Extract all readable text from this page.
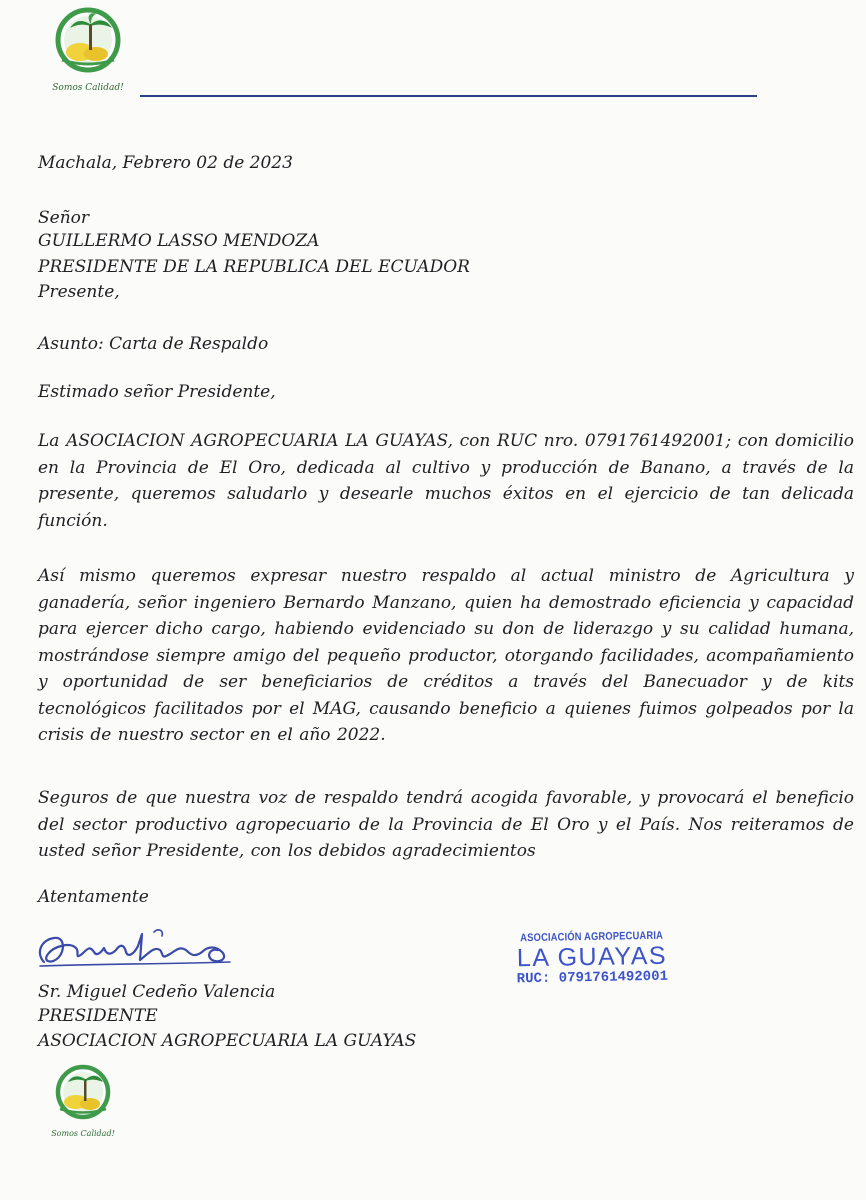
Somos Calidad!
Machala, Febrero 02 de 2023
Señor
GUILLERMO LASSO MENDOZA
PRESIDENTE DE LA REPUBLICA DEL ECUADOR
Presente,
Asunto: Carta de Respaldo
Estimado señor Presidente,
La ASOCIACION AGROPECUARIA LA GUAYAS, con RUC nro. 0791761492001; con domicilio en la Provincia de El Oro, dedicada al cultivo y producción de Banano, a través de la presente, queremos saludarlo y desearle muchos éxitos en el ejercicio de tan delicada función.
Así mismo queremos expresar nuestro respaldo al actual ministro de Agricultura y ganadería, señor ingeniero Bernardo Manzano, quien ha demostrado eficiencia y capacidad para ejercer dicho cargo, habiendo evidenciado su don de liderazgo y su calidad humana, mostrándose siempre amigo del pequeño productor, otorgando facilidades, acompañamiento y oportunidad de ser beneficiarios de créditos a través del Banecuador y de kits tecnológicos facilitados por el MAG, causando beneficio a quienes fuimos golpeados por la crisis de nuestro sector en el año 2022.
Seguros de que nuestra voz de respaldo tendrá acogida favorable, y provocará el beneficio del sector productivo agropecuario de la Provincia de El Oro y el País. Nos reiteramos de usted señor Presidente, con los debidos agradecimientos
Atentamente
ASOCIACIÓN AGROPECUARIA
LA GUAYAS
RUC: 0791761492001
Sr. Miguel Cedeño Valencia
PRESIDENTE
ASOCIACION AGROPECUARIA LA GUAYAS
Somos Calidad!
